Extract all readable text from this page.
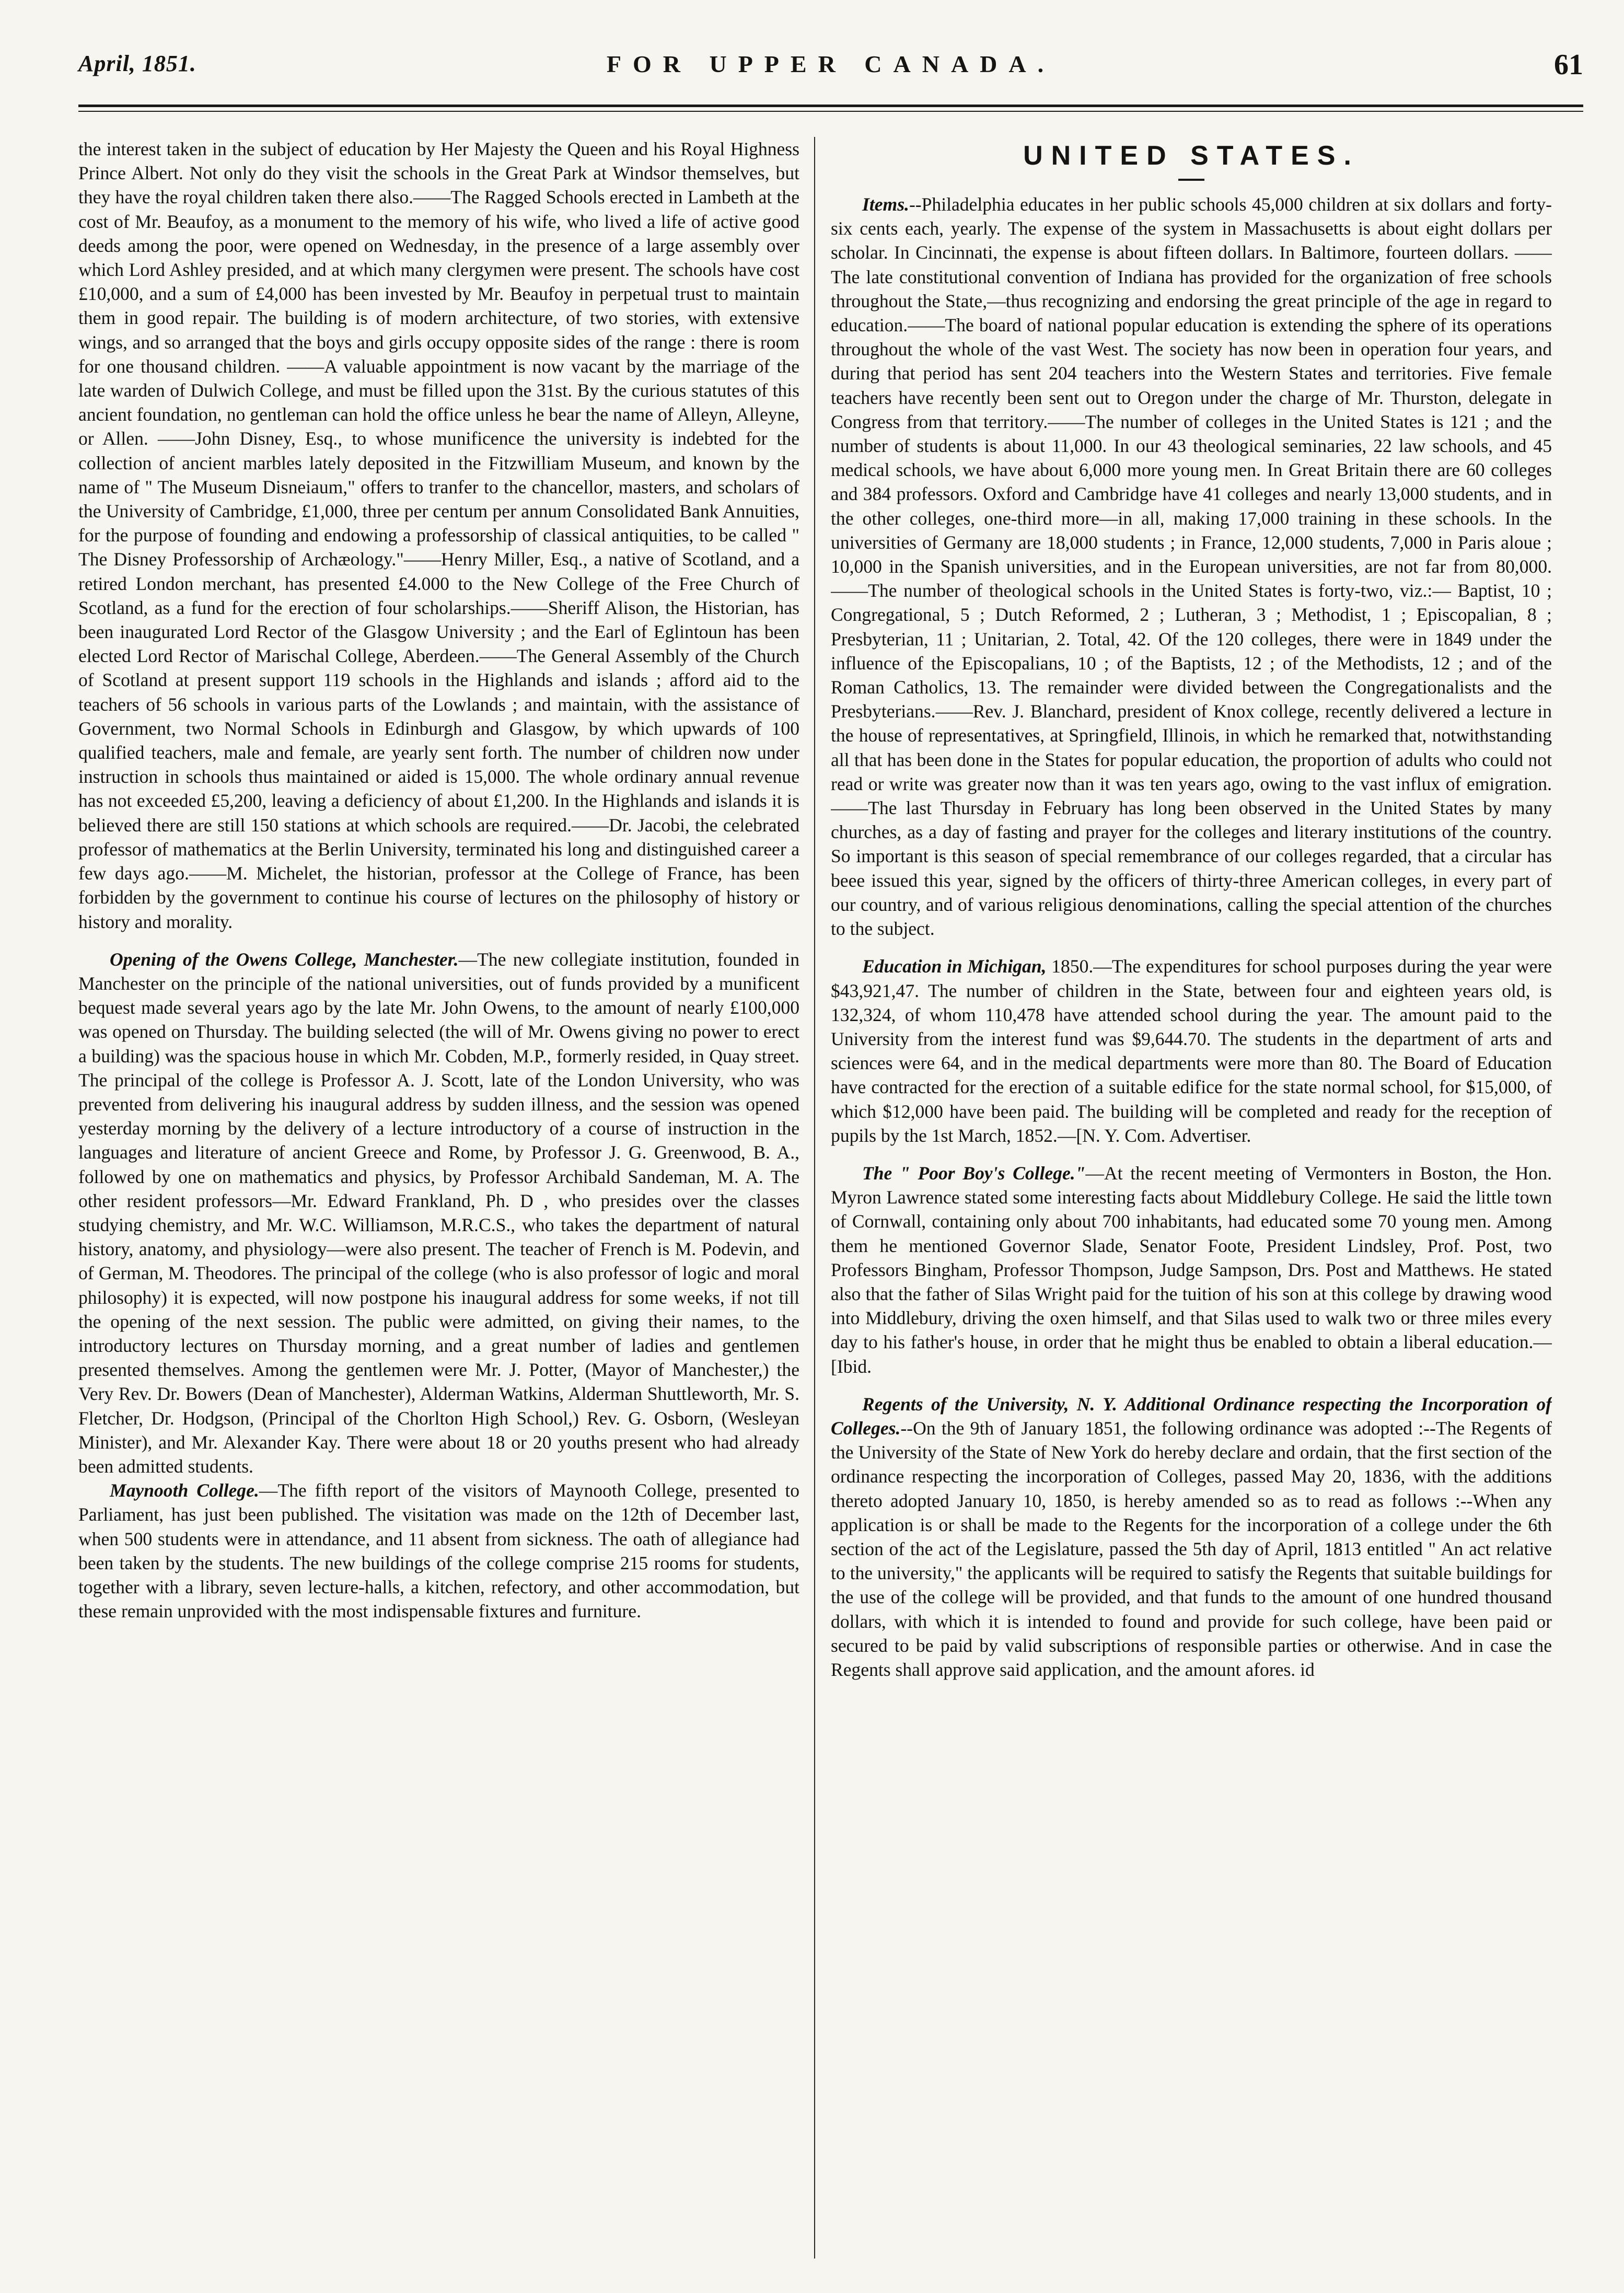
April, 1851.	FOR UPPER CANADA.	61

the interest taken in the subject of education by Her Majesty the Queen and his Royal Highness Prince Albert. Not only do they visit the schools in the Great Park at Windsor themselves, but they have the royal children taken there also.——The Ragged Schools erected in Lambeth at the cost of Mr. Beaufoy, as a monument to the memory of his wife, who lived a life of active good deeds among the poor, were opened on Wednesday, in the presence of a large assembly over which Lord Ashley presided, and at which many clergymen were present. The schools have cost £10,000, and a sum of £4,000 has been invested by Mr. Beaufoy in perpetual trust to maintain them in good repair. The building is of modern architecture, of two stories, with extensive wings, and so arranged that the boys and girls occupy opposite sides of the range : there is room for one thousand children. ——A valuable appointment is now vacant by the marriage of the late warden of Dulwich College, and must be filled upon the 31st. By the curious statutes of this ancient foundation, no gentleman can hold the office unless he bear the name of Alleyn, Alleyne, or Allen. ——John Disney, Esq., to whose munificence the university is indebted for the collection of ancient marbles lately deposited in the Fitzwilliam Museum, and known by the name of " The Museum Disneiaum," offers to tranfer to the chancellor, masters, and scholars of the University of Cambridge, £1,000, three per centum per annum Consolidated Bank Annuities, for the purpose of founding and endowing a professorship of classical antiquities, to be called " The Disney Professorship of Archæology."——Henry Miller, Esq., a native of Scotland, and a retired London merchant, has presented £4.000 to the New College of the Free Church of Scotland, as a fund for the erection of four scholarships.——Sheriff Alison, the Historian, has been inaugurated Lord Rector of the Glasgow University ; and the Earl of Eglintoun has been elected Lord Rector of Marischal College, Aberdeen.——The General Assembly of the Church of Scotland at present support 119 schools in the Highlands and islands ; afford aid to the teachers of 56 schools in various parts of the Lowlands ; and maintain, with the assistance of Government, two Normal Schools in Edinburgh and Glasgow, by which upwards of 100 qualified teachers, male and female, are yearly sent forth. The number of children now under instruction in schools thus maintained or aided is 15,000. The whole ordinary annual revenue has not exceeded £5,200, leaving a deficiency of about £1,200. In the Highlands and islands it is believed there are still 150 stations at which schools are required.——Dr. Jacobi, the celebrated professor of mathematics at the Berlin University, terminated his long and distinguished career a few days ago.——M. Michelet, the historian, professor at the College of France, has been forbidden by the government to continue his course of lectures on the philosophy of history or history and morality.

Opening of the Owens College, Manchester.—The new collegiate institution, founded in Manchester on the principle of the national universities, out of funds provided by a munificent bequest made several years ago by the late Mr. John Owens, to the amount of nearly £100,000 was opened on Thursday. The building selected (the will of Mr. Owens giving no power to erect a building) was the spacious house in which Mr. Cobden, M.P., formerly resided, in Quay street. The principal of the college is Professor A. J. Scott, late of the London University, who was prevented from delivering his inaugural address by sudden illness, and the session was opened yesterday morning by the delivery of a lecture introductory of a course of instruction in the languages and literature of ancient Greece and Rome, by Professor J. G. Greenwood, B. A., followed by one on mathematics and physics, by Professor Archibald Sandeman, M. A. The other resident professors—Mr. Edward Frankland, Ph. D , who presides over the classes studying chemistry, and Mr. W.C. Williamson, M.R.C.S., who takes the department of natural history, anatomy, and physiology—were also present. The teacher of French is M. Podevin, and of German, M. Theodores. The principal of the college (who is also professor of logic and moral philosophy) it is expected, will now postpone his inaugural address for some weeks, if not till the opening of the next session. The public were admitted, on giving their names, to the introductory lectures on Thursday morning, and a great number of ladies and gentlemen presented themselves. Among the gentlemen were Mr. J. Potter, (Mayor of Manchester,) the Very Rev. Dr. Bowers (Dean of Manchester), Alderman Watkins, Alderman Shuttleworth, Mr. S. Fletcher, Dr. Hodgson, (Principal of the Chorlton High School,) Rev. G. Osborn, (Wesleyan Minister), and Mr. Alexander Kay. There were about 18 or 20 youths present who had already been admitted students.

Maynooth College.—The fifth report of the visitors of Maynooth College, presented to Parliament, has just been published. The visitation was made on the 12th of December last, when 500 students were in attendance, and 11 absent from sickness. The oath of allegiance had been taken by the students. The new buildings of the college comprise 215 rooms for students, together with a library, seven lecture-halls, a kitchen, refectory, and other accommodation, but these remain unprovided with the most indispensable fixtures and furniture.

UNITED STATES.

Items.--Philadelphia educates in her public schools 45,000 children at six dollars and forty-six cents each, yearly. The expense of the system in Massachusetts is about eight dollars per scholar. In Cincinnati, the expense is about fifteen dollars. In Baltimore, fourteen dollars. ——The late constitutional convention of Indiana has provided for the organization of free schools throughout the State,—thus recognizing and endorsing the great principle of the age in regard to education.——The board of national popular education is extending the sphere of its operations throughout the whole of the vast West. The society has now been in operation four years, and during that period has sent 204 teachers into the Western States and territories. Five female teachers have recently been sent out to Oregon under the charge of Mr. Thurston, delegate in Congress from that territory.——The number of colleges in the United States is 121 ; and the number of students is about 11,000. In our 43 theological seminaries, 22 law schools, and 45 medical schools, we have about 6,000 more young men. In Great Britain there are 60 colleges and 384 professors. Oxford and Cambridge have 41 colleges and nearly 13,000 students, and in the other colleges, one-third more—in all, making 17,000 training in these schools. In the universities of Germany are 18,000 students ; in France, 12,000 students, 7,000 in Paris aloue ; 10,000 in the Spanish universities, and in the European universities, are not far from 80,000.——The number of theological schools in the United States is forty-two, viz.:— Baptist, 10 ; Congregational, 5 ; Dutch Reformed, 2 ; Lutheran, 3 ; Methodist, 1 ; Episcopalian, 8 ; Presbyterian, 11 ; Unitarian, 2. Total, 42. Of the 120 colleges, there were in 1849 under the influence of the Episcopalians, 10 ; of the Baptists, 12 ; of the Methodists, 12 ; and of the Roman Catholics, 13. The remainder were divided between the Congregationalists and the Presbyterians.——Rev. J. Blanchard, president of Knox college, recently delivered a lecture in the house of representatives, at Springfield, Illinois, in which he remarked that, notwithstanding all that has been done in the States for popular education, the proportion of adults who could not read or write was greater now than it was ten years ago, owing to the vast influx of emigration.——The last Thursday in February has long been observed in the United States by many churches, as a day of fasting and prayer for the colleges and literary institutions of the country. So important is this season of special remembrance of our colleges regarded, that a circular has beee issued this year, signed by the officers of thirty-three American colleges, in every part of our country, and of various religious denominations, calling the special attention of the churches to the subject.

Education in Michigan, 1850.—The expenditures for school purposes during the year were $43,921,47. The number of children in the State, between four and eighteen years old, is 132,324, of whom 110,478 have attended school during the year. The amount paid to the University from the interest fund was $9,644.70. The students in the department of arts and sciences were 64, and in the medical departments were more than 80. The Board of Education have contracted for the erection of a suitable edifice for the state normal school, for $15,000, of which $12,000 have been paid. The building will be completed and ready for the reception of pupils by the 1st March, 1852.—[N. Y. Com. Advertiser.

The " Poor Boy's College."—At the recent meeting of Vermonters in Boston, the Hon. Myron Lawrence stated some interesting facts about Middlebury College. He said the little town of Cornwall, containing only about 700 inhabitants, had educated some 70 young men. Among them he mentioned Governor Slade, Senator Foote, President Lindsley, Prof. Post, two Professors Bingham, Professor Thompson, Judge Sampson, Drs. Post and Matthews. He stated also that the father of Silas Wright paid for the tuition of his son at this college by drawing wood into Middlebury, driving the oxen himself, and that Silas used to walk two or three miles every day to his father's house, in order that he might thus be enabled to obtain a liberal education.—[Ibid.

Regents of the University, N. Y. Additional Ordinance respecting the Incorporation of Colleges.--On the 9th of January 1851, the following ordinance was adopted :--The Regents of the University of the State of New York do hereby declare and ordain, that the first section of the ordinance respecting the incorporation of Colleges, passed May 20, 1836, with the additions thereto adopted January 10, 1850, is hereby amended so as to read as follows :--When any application is or shall be made to the Regents for the incorporation of a college under the 6th section of the act of the Legislature, passed the 5th day of April, 1813 entitled " An act relative to the university," the applicants will be required to satisfy the Regents that suitable buildings for the use of the college will be provided, and that funds to the amount of one hundred thousand dollars, with which it is intended to found and provide for such college, have been paid or secured to be paid by valid subscriptions of responsible parties or otherwise. And in case the Regents shall approve said application, and the amount afores. id
